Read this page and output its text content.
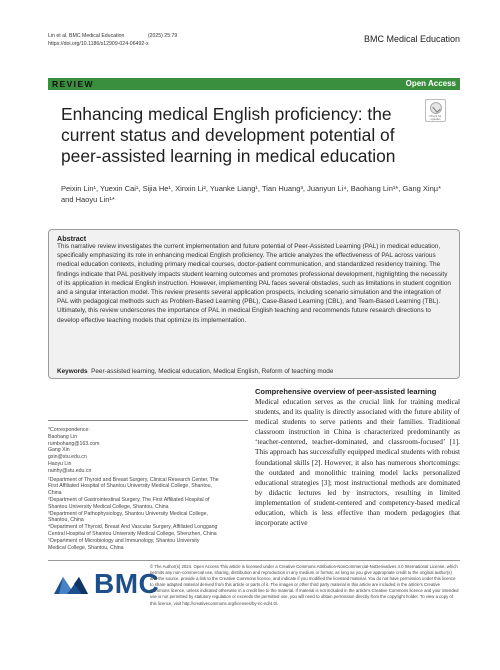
Lin et al. BMC Medical Education	(2025) 25:79
https://doi.org/10.1186/s12909-024-06492-x	BMC Medical Education
REVIEW	Open Access
Enhancing medical English proficiency: the current status and development potential of peer-assisted learning in medical education
Check for updates
Peixin Lin¹, Yuexin Cai¹, Sijia He¹, Xinxin Li², Yuanke Liang¹, Tian Huang³, Juanyun Li⁴, Baohang Lin¹*, Gang Xinµ* and Haoyu Lin¹*
Abstract
This narrative review investigates the current implementation and future potential of Peer-Assisted Learning (PAL) in medical education, specifically emphasizing its role in enhancing medical English proficiency. The article analyzes the effectiveness of PAL across various medical education contexts, including primary medical courses, doctor-patient communication, and standardized residency training. The findings indicate that PAL positively impacts student learning outcomes and promotes professional development, highlighting the necessity of its application in medical English instruction. However, implementing PAL faces several obstacles, such as limitations in student cognition and a singular interaction model. This review presents several application prospects, including scenario simulation and the integration of PAL with pedagogical methods such as Problem-Based Learning (PBL), Case-Based Learning (CBL), and Team-Based Learning (TBL). Ultimately, this review underscores the importance of PAL in medical English teaching and recommends future research directions to develop effective teaching models that optimize its implementation.
Keywords Peer-assisted learning, Medical education, Medical English, Reform of teaching mode
*Correspondence:
Baohang Lin
rumbohang@163.com
Gang Xin
gxin@stu.edu.cn
Haoyu Lin
rainhy@stu.edu.cn
¹Department of Thyroid and Breast Surgery, Clinical Research Center, The
First Affiliated Hospital of Shantou University Medical College, Shantou,
China
²Department of Gastrointestinal Surgery, The First Affiliated Hospital of
Shantou University Medical College, Shantou, China
³Department of Pathophysiology, Shantou University Medical College,
Shantou, China
⁴Department of Thyroid, Breast And Vascular Surgery, Affiliated Longgang
Central Hospital of Shantou University Medical College, Shenzhen, China
⁵Department of Microbiology and Immunology, Shantou University
Medical College, Shantou, China
Comprehensive overview of peer-assisted learning
Medical education serves as the crucial link for training medical students, and its quality is directly associated with the future ability of medical students to serve patients and their families. Traditional classroom instruction in China is characterized predominantly as ‘teacher-centered, teacher-dominated, and classroom-focused’ [1]. This approach has successfully equipped medical students with robust foundational skills [2]. However, it also has numerous shortcomings: the outdated and monolithic training model lacks personalized educational strategies [3]; most instructional methods are dominated by didactic lectures led by instructors, resulting in limited implementation of student-centered and competency-based medical education, which is less effective than modern pedagogies that incorporate active
BMC
© The Author(s) 2024. Open Access This article is licensed under a Creative Commons Attribution-NonCommercial-NoDerivatives 4.0 International License, which permits any non-commercial use, sharing, distribution and reproduction in any medium or format, as long as you give appropriate credit to the original author(s) and the source, provide a link to the Creative Commons licence, and indicate if you modified the licensed material. You do not have permission under this licence to share adapted material derived from this article or parts of it. The images or other third party material in this article are included in the article’s Creative Commons licence, unless indicated otherwise in a credit line to the material. If material is not included in the article’s Creative Commons licence and your intended use is not permitted by statutory regulation or exceeds the permitted use, you will need to obtain permission directly from the copyright holder. To view a copy of this licence, visit http://creativecommons.org/licenses/by-nc-nd/4.0/.
